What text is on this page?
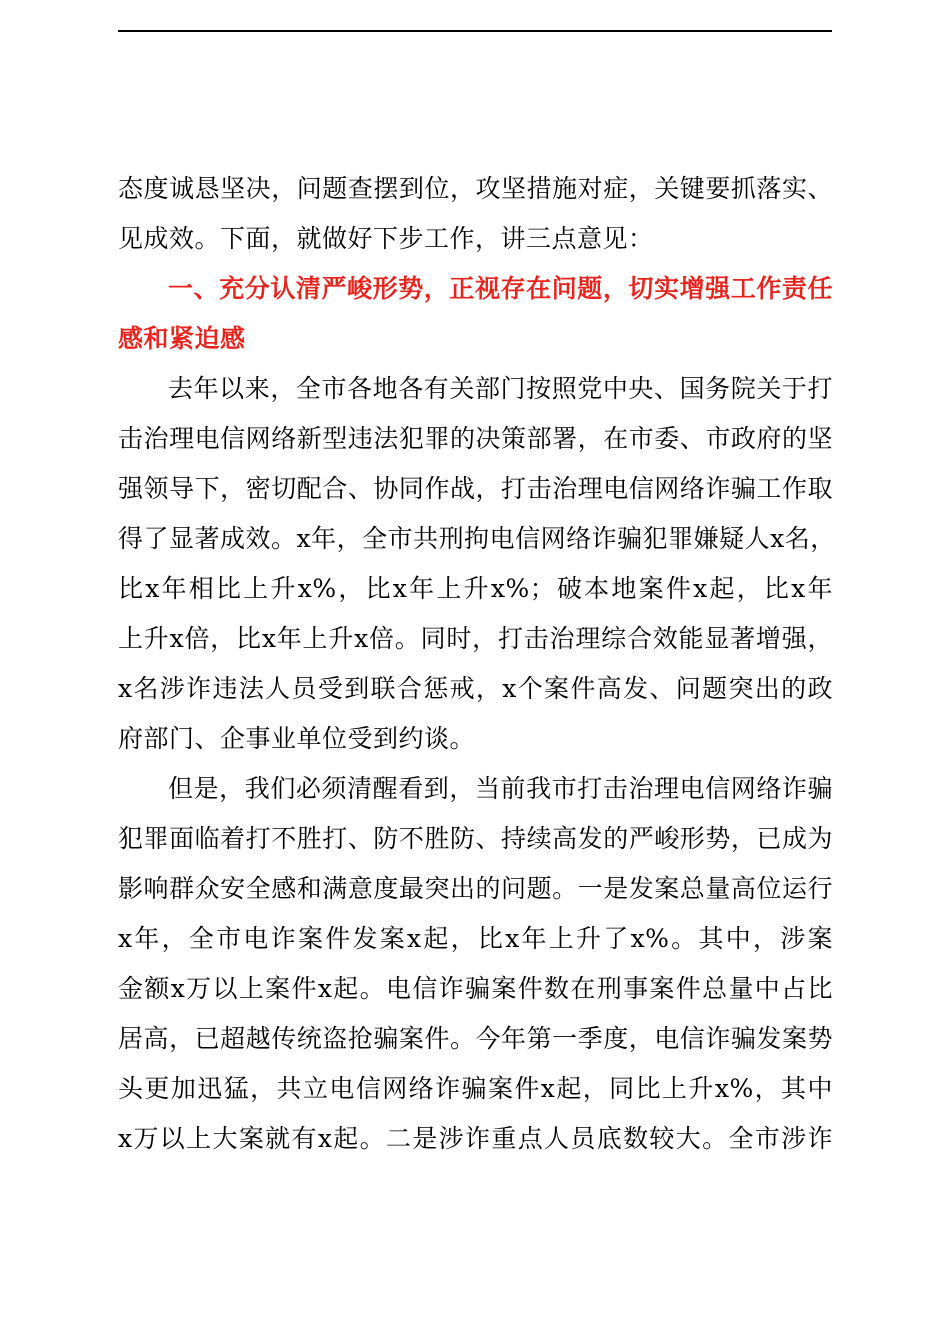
态度诚恳坚决，问题查摆到位，攻坚措施对症，关键要抓落实、
见成效。下面，就做好下步工作，讲三点意见：
一、充分认清严峻形势，正视存在问题，切实增强工作责任
感和紧迫感
去年以来，全市各地各有关部门按照党中央、国务院关于打
击治理电信网络新型违法犯罪的决策部署，在市委、市政府的坚
强领导下，密切配合、协同作战，打击治理电信网络诈骗工作取
得了显著成效。x年，全市共刑拘电信网络诈骗犯罪嫌疑人x名，
比x年相比上升x%，比x年上升x%；破本地案件x起，比x年
上升x倍，比x年上升x倍。同时，打击治理综合效能显著增强，
x名涉诈违法人员受到联合惩戒，x个案件高发、问题突出的政
府部门、企事业单位受到约谈。
但是，我们必须清醒看到，当前我市打击治理电信网络诈骗
犯罪面临着打不胜打、防不胜防、持续高发的严峻形势，已成为
影响群众安全感和满意度最突出的问题。一是发案总量高位运行
x年，全市电诈案件发案x起，比x年上升了x%。其中，涉案
金额x万以上案件x起。电信诈骗案件数在刑事案件总量中占比
居高，已超越传统盗抢骗案件。今年第一季度，电信诈骗发案势
头更加迅猛，共立电信网络诈骗案件x起，同比上升x%，其中
x万以上大案就有x起。二是涉诈重点人员底数较大。全市涉诈
